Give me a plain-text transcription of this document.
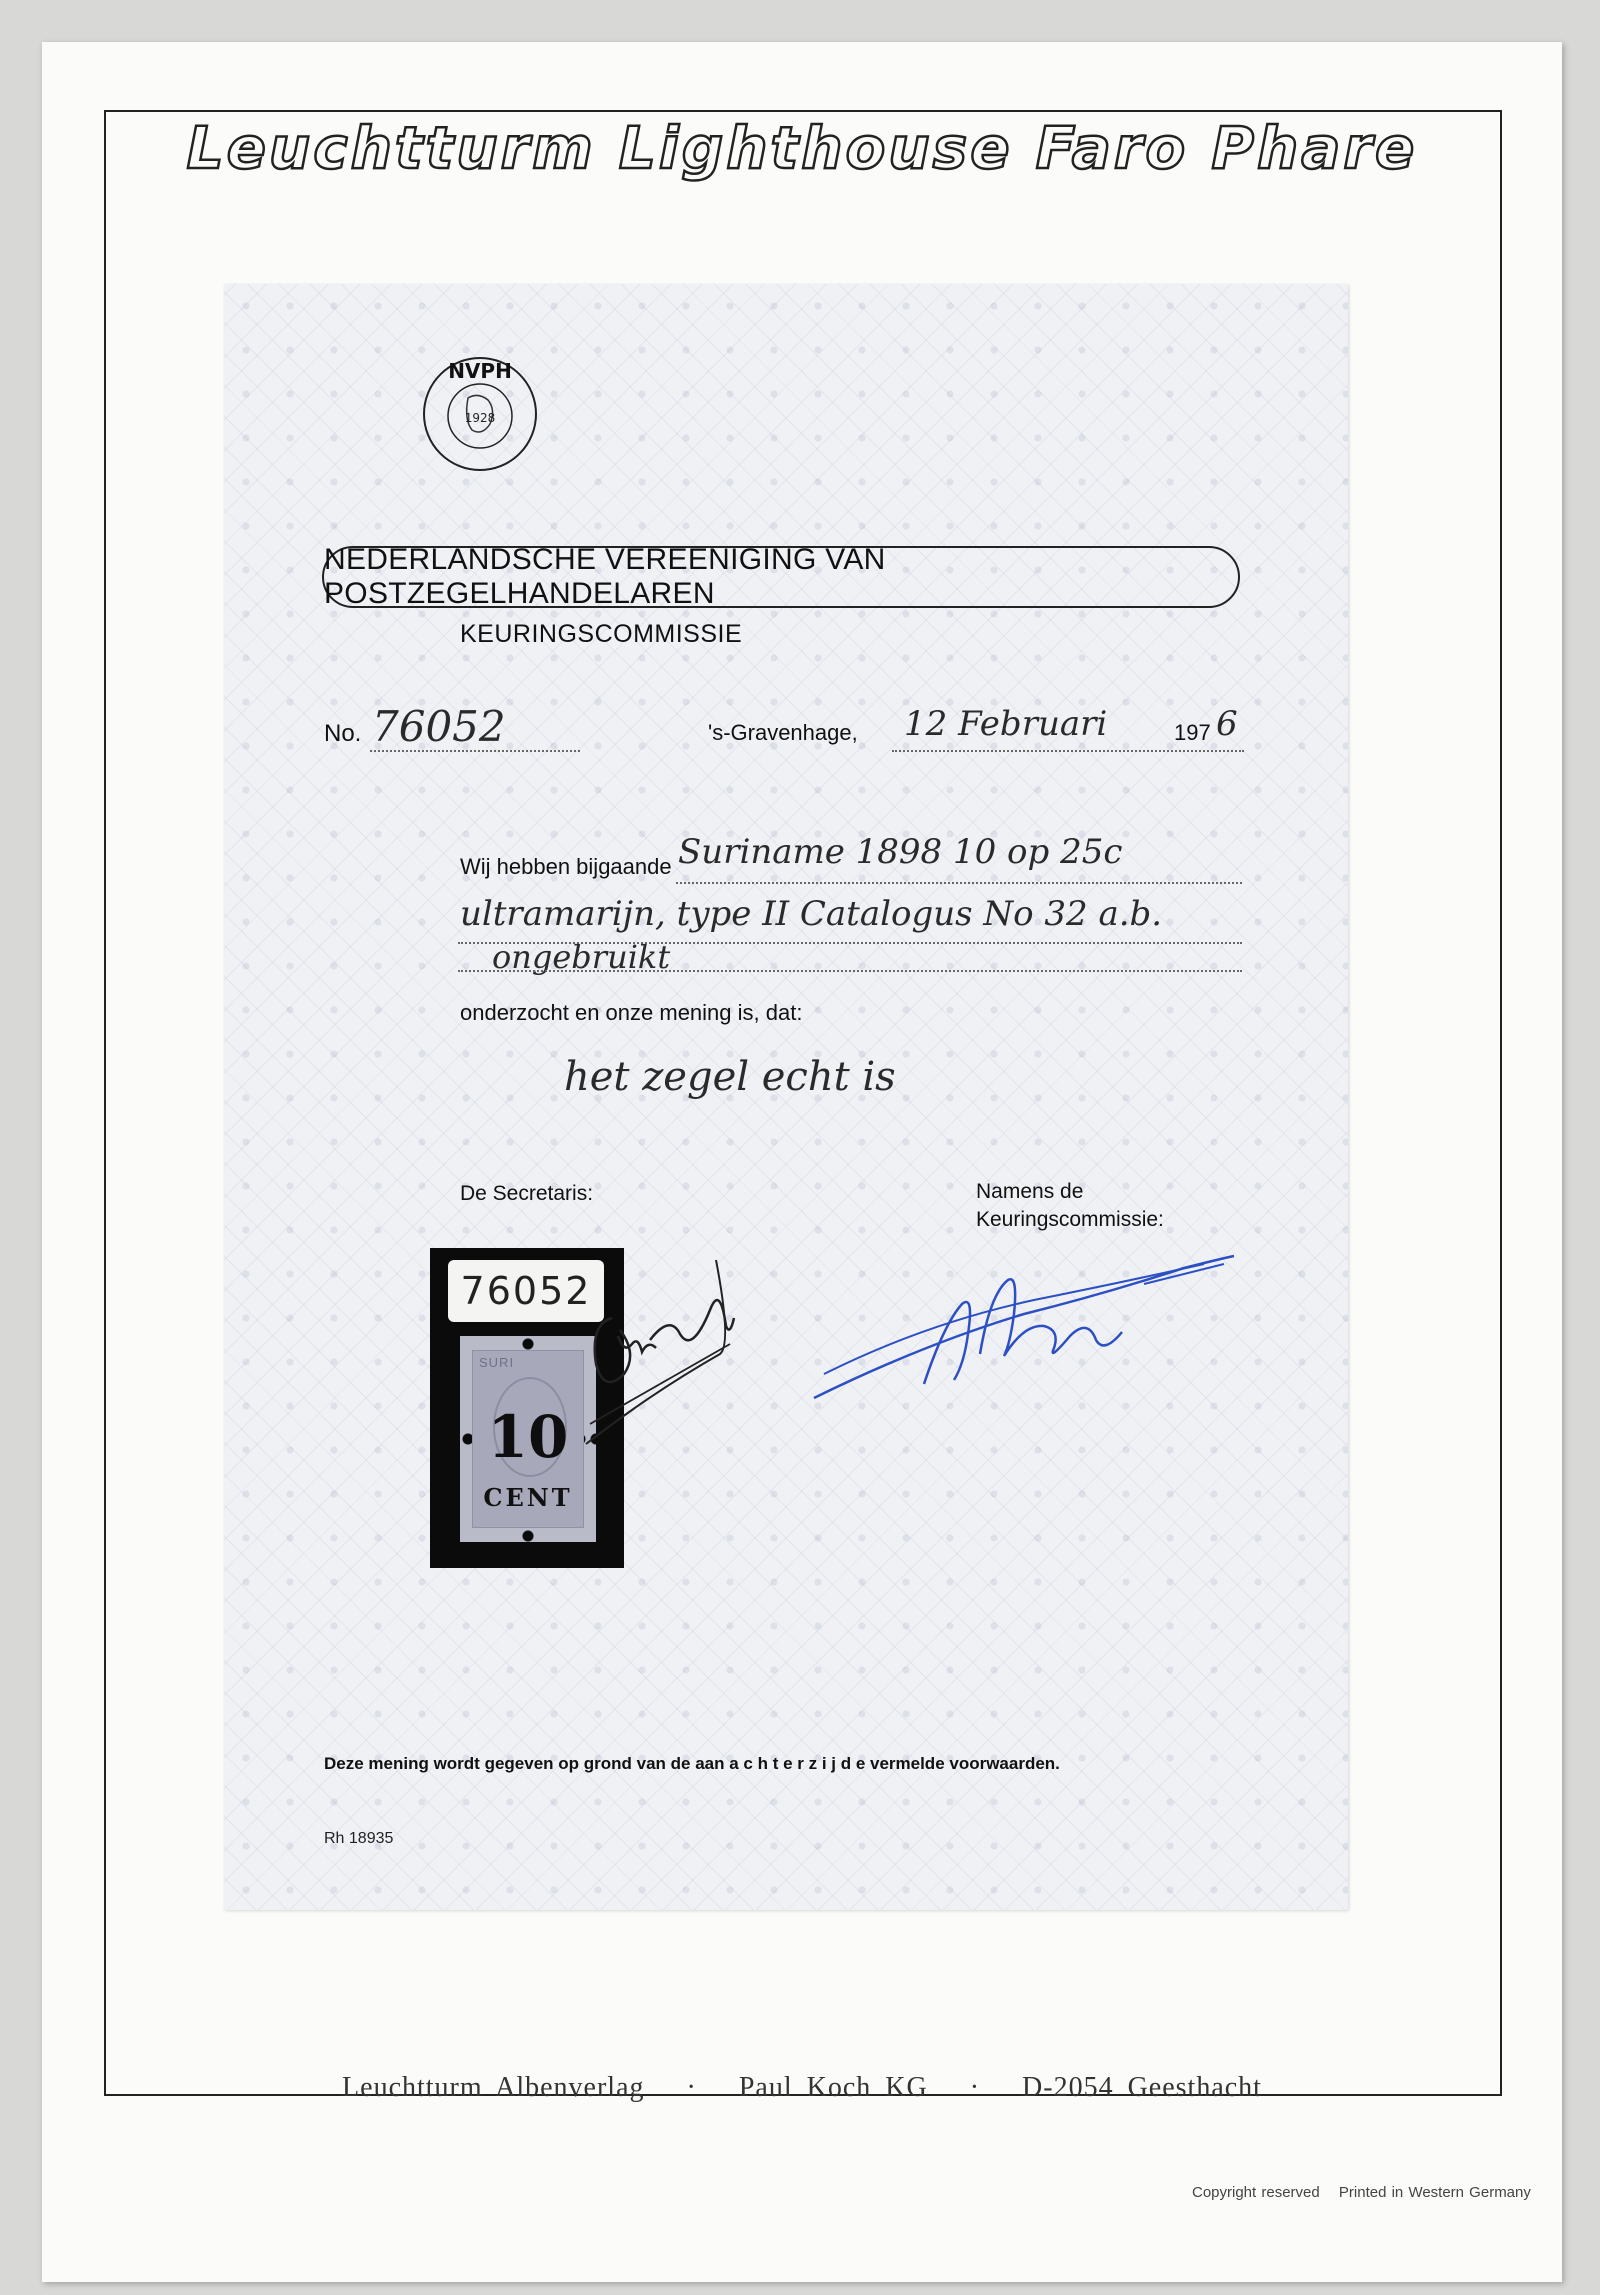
Leuchtturm Lighthouse Faro Phare
Leuchtturm Albenverlag · Paul Koch KG · D-2054 Geesthacht
Copyright reserved Printed in Western Germany
NVPH
1928
NEDERLANDSCHE VEREENIGING VAN POSTZEGELHANDELAREN
KEURINGSCOMMISSIE
No. 76052	's-Gravenhage, 12 Februari	197 6
Wij hebben bijgaande Suriname 1898 10 op 25c
ultramarijn, type II Catalogus No 32 a.b.
ongebruikt
onderzocht en onze mening is, dat:
het zegel echt is
De Secretaris:	Namens de
Keuringscommissie:
76052
SURI
10
CENT
Deze mening wordt gegeven op grond van de aan a c h t e r z i j d e vermelde voorwaarden.
Rh 18935
